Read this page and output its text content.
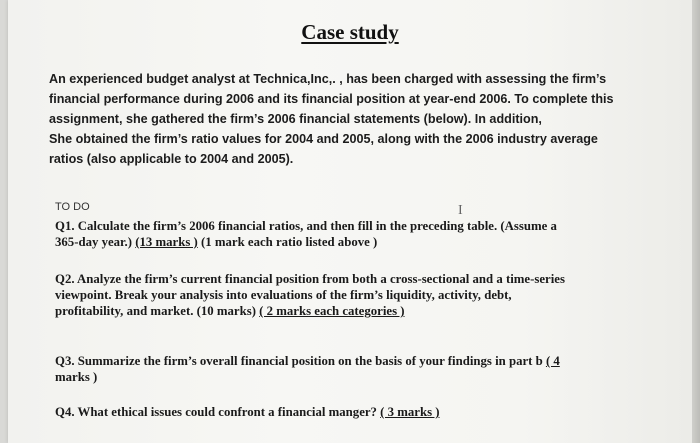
Case study
An experienced budget analyst at Technica,Inc,. , has been charged with assessing the firm’s
financial performance during 2006 and its financial position at year-end 2006. To complete this
assignment, she gathered the firm’s 2006 financial statements (below). In addition,
She obtained the firm’s ratio values for 2004 and 2005, along with the 2006 industry average
ratios (also applicable to 2004 and 2005).
TO DO	I
Q1. Calculate the firm’s 2006 financial ratios, and then fill in the preceding table. (Assume a
365-day year.) (13 marks ) (1 mark each ratio listed above )
Q2. Analyze the firm’s current financial position from both a cross-sectional and a time-series
viewpoint. Break your analysis into evaluations of the firm’s liquidity, activity, debt,
profitability, and market. (10 marks) ( 2 marks each categories )
Q3. Summarize the firm’s overall financial position on the basis of your findings in part b ( 4
marks )
Q4. What ethical issues could confront a financial manger? ( 3 marks )
